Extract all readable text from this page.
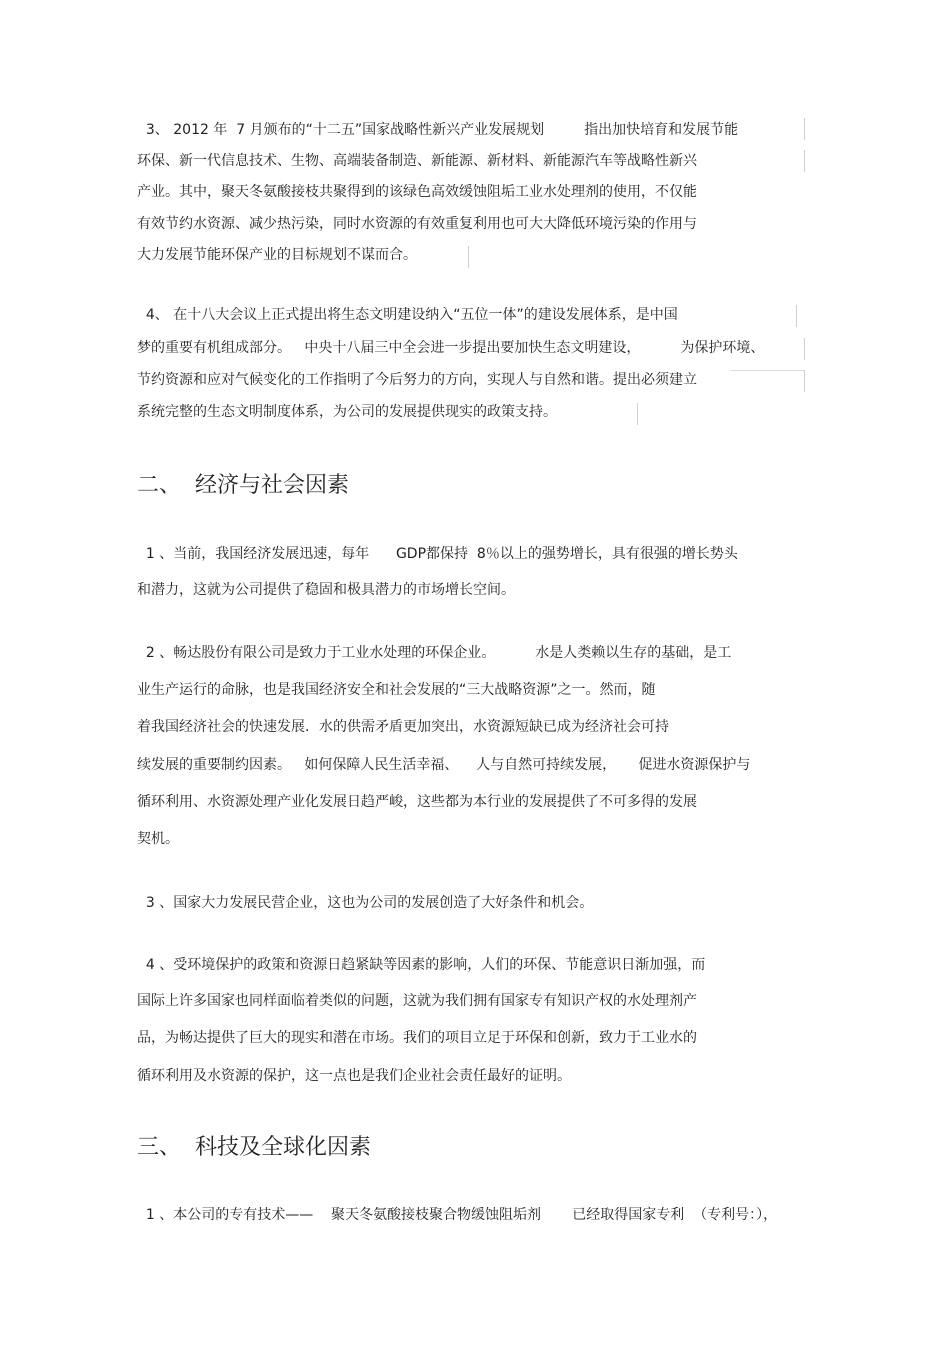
3、 2012 年  7 月颁布的“十二五”国家战略性新兴产业发展规划         指出加快培育和发展节能
环保、新一代信息技术、生物、高端装备制造、新能源、新材料、新能源汽车等战略性新兴
产业。其中，聚天冬氨酸接枝共聚得到的该绿色高效缓蚀阻垢工业水处理剂的使用，不仅能
有效节约水资源、减少热污染，同时水资源的有效重复利用也可大大降低环境污染的作用与
大力发展节能环保产业的目标规划不谋而合。
4、 在十八大会议上正式提出将生态文明建设纳入“五位一体”的建设发展体系，是中国
梦的重要有机组成部分。   中央十八届三中全会进一步提出要加快生态文明建设，         为保护环境、
节约资源和应对气候变化的工作指明了今后努力的方向，实现人与自然和谐。提出必须建立
系统完整的生态文明制度体系，为公司的发展提供现实的政策支持。
二、  经济与社会因素
1 、当前，我国经济发展迅速，每年      GDP都保持  8％以上的强势增长，具有很强的增长势头
和潜力，这就为公司提供了稳固和极具潜力的市场增长空间。
2 、畅达股份有限公司是致力于工业水处理的环保企业。         水是人类赖以生存的基础，是工
业生产运行的命脉，也是我国经济安全和社会发展的“三大战略资源”之一。然而，随
着我国经济社会的快速发展．水的供需矛盾更加突出，水资源短缺已成为经济社会可持
续发展的重要制约因素。   如何保障人民生活幸福、    人与自然可持续发展，     促进水资源保护与
循环利用、水资源处理产业化发展日趋严峻，这些都为本行业的发展提供了不可多得的发展
契机。
3 、国家大力发展民营企业，这也为公司的发展创造了大好条件和机会。
4 、受环境保护的政策和资源日趋紧缺等因素的影响，人们的环保、节能意识日渐加强，而
国际上许多国家也同样面临着类似的问题，这就为我们拥有国家专有知识产权的水处理剂产
品，为畅达提供了巨大的现实和潜在市场。我们的项目立足于环保和创新，致力于工业水的
循环利用及水资源的保护，这一点也是我们企业社会责任最好的证明。
三、  科技及全球化因素
1 、本公司的专有技术——    聚天冬氨酸接枝聚合物缓蚀阻垢剂       已经取得国家专利  （专利号：），
